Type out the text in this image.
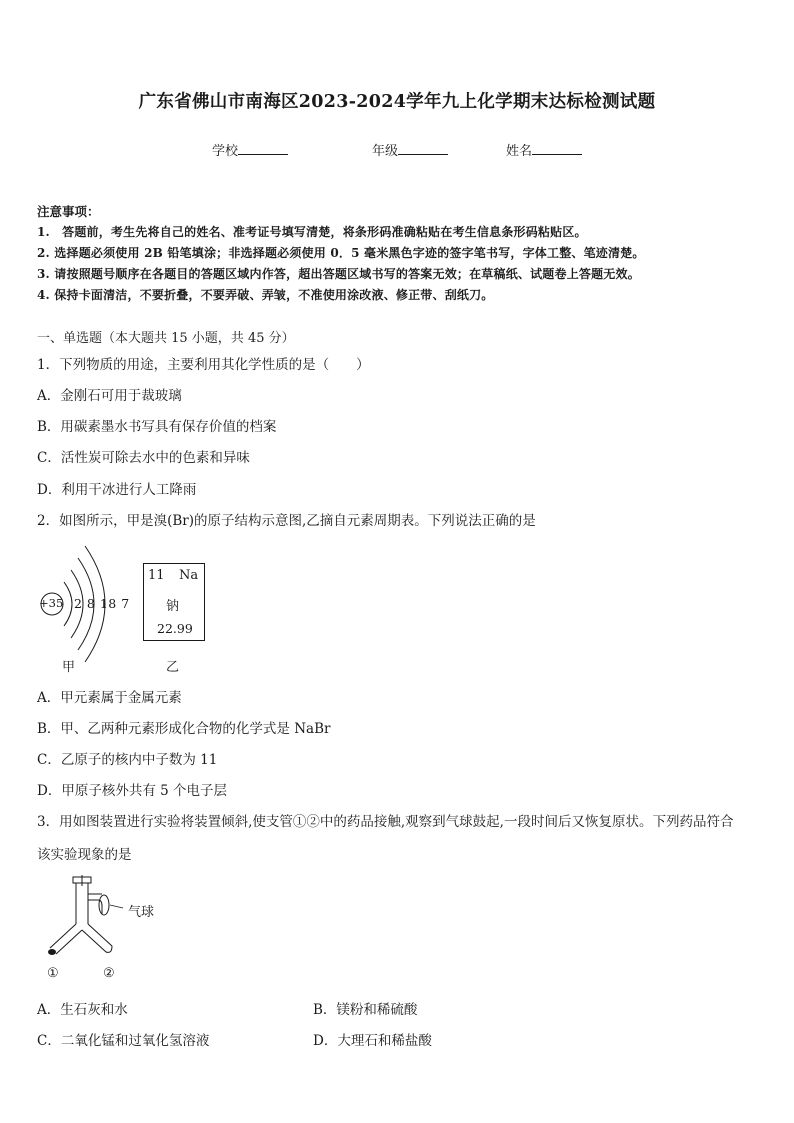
广东省佛山市南海区2023-2024学年九上化学期末达标检测试题
学校	年级	姓名
注意事项：
1.　答题前，考生先将自己的姓名、准考证号填写清楚，将条形码准确粘贴在考生信息条形码粘贴区。
2. 选择题必须使用 2B 铅笔填涂；非选择题必须使用 0．5 毫米黑色字迹的签字笔书写，字体工整、笔迹清楚。
3. 请按照题号顺序在各题目的答题区域内作答，超出答题区域书写的答案无效；在草稿纸、试题卷上答题无效。
4. 保持卡面清洁，不要折叠，不要弄破、弄皱，不准使用涂改液、修正带、刮纸刀。
一、单选题（本大题共 15 小题，共 45 分）
1．下列物质的用途，主要利用其化学性质的是（　　）
A．金刚石可用于裁玻璃
B．用碳素墨水书写具有保存价值的档案
C．活性炭可除去水中的色素和异味
D．利用干冰进行人工降雨
2．如图所示，甲是溴(Br)的原子结构示意图,乙摘自元素周期表。下列说法正确的是
+35 2 8 18 7
甲
11 Na
钠
22.99
乙
A．甲元素属于金属元素
B．甲、乙两种元素形成化合物的化学式是 NaBr
C．乙原子的核内中子数为 11
D．甲原子核外共有 5 个电子层
3．用如图装置进行实验将装置倾斜,使支管①②中的药品接触,观察到气球鼓起,一段时间后又恢复原状。下列药品符合
该实验现象的是
气球
①	②
A．生石灰和水	B．镁粉和稀硫酸
C．二氧化锰和过氧化氢溶液	D．大理石和稀盐酸
